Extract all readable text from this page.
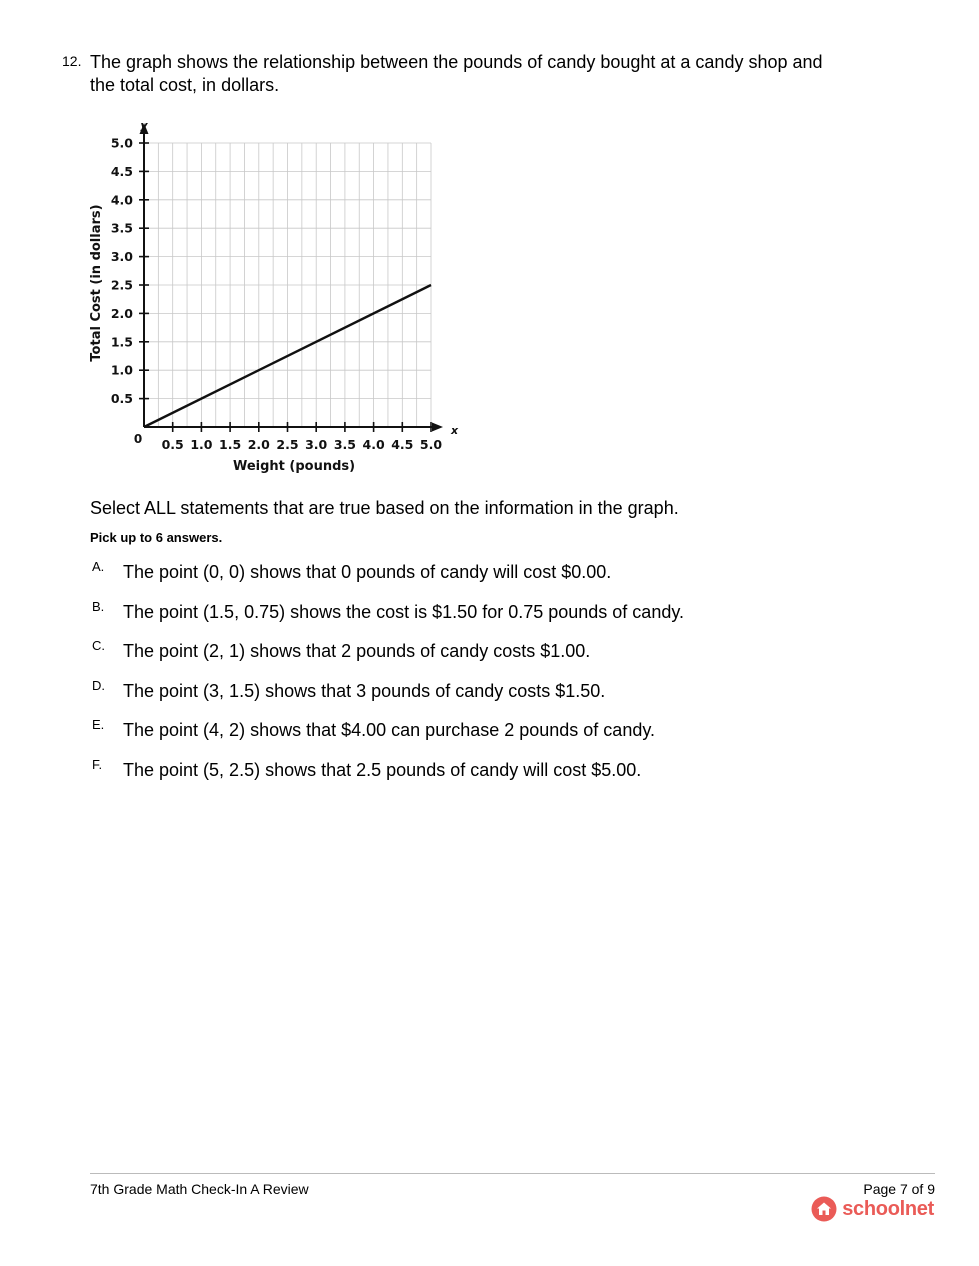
12. The graph shows the relationship between the pounds of candy bought at a candy shop and the total cost, in dollars.
0.5 1.0 1.5 2.0 2.5 3.0 3.5 4.0 4.5 5.0
0.5
1.0
1.5
2.0
2.5
3.0
3.5
4.0
4.5
5.0
0
x
y
Weight (pounds)
Total Cost (in dollars)
Select ALL statements that are true based on the information in the graph.
Pick up to 6 answers.
A. The point (0, 0) shows that 0 pounds of candy will cost $0.00.
B. The point (1.5, 0.75) shows the cost is $1.50 for 0.75 pounds of candy.
C. The point (2, 1) shows that 2 pounds of candy costs $1.00.
D. The point (3, 1.5) shows that 3 pounds of candy costs $1.50.
E. The point (4, 2) shows that $4.00 can purchase 2 pounds of candy.
F. The point (5, 2.5) shows that 2.5 pounds of candy will cost $5.00.
7th Grade Math Check-In A Review	Page 7 of 9
schoolnet
